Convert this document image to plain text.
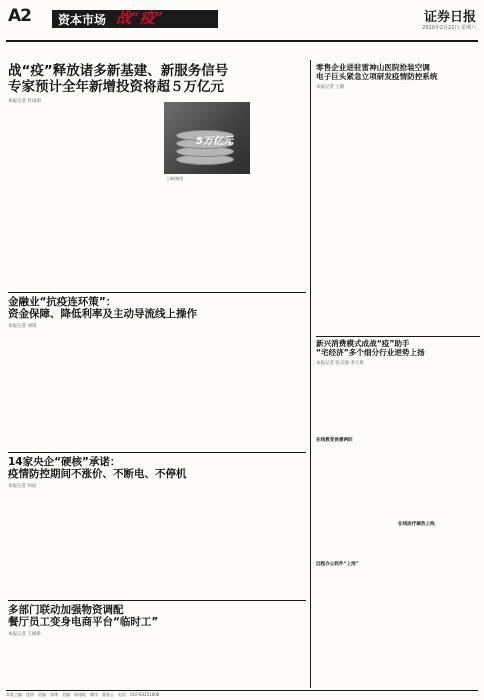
A2 资本市场 战“疫”	证券日报
2020年2月22日 星期六
战“疫”释放诸多新基建、新服务信号
专家预计全年新增投资将超５万亿元
本报记者 杜雨萌
5万亿元
王琳/制图
零售企业进驻雷神山医院抢装空调
电子巨头紧急立项研发疫情防控系统
本报记者 王鹤
金融业“抗疫连环策”：
资金保障、降低利率及主动导流线上操作
本报记者 刘琪
14家央企“硬核”承诺：
疫情防控期间不涨价、不断电、不停机
本报记者 何辰
多部门联动加强物资调配
餐厅员工变身电商平台“临时工”
本报记者 王丽新
新兴消费模式成战“疫”助手
“宅经济”多个细分行业逆势上扬
本报记者 张志强 李万晨
在线教育供需两旺
远程办公软件“上岗”
在线医疗解热上线
本版主编：沈明　责编：张博　美编：崔建岐　制作：董春云　电话：010-83251808
